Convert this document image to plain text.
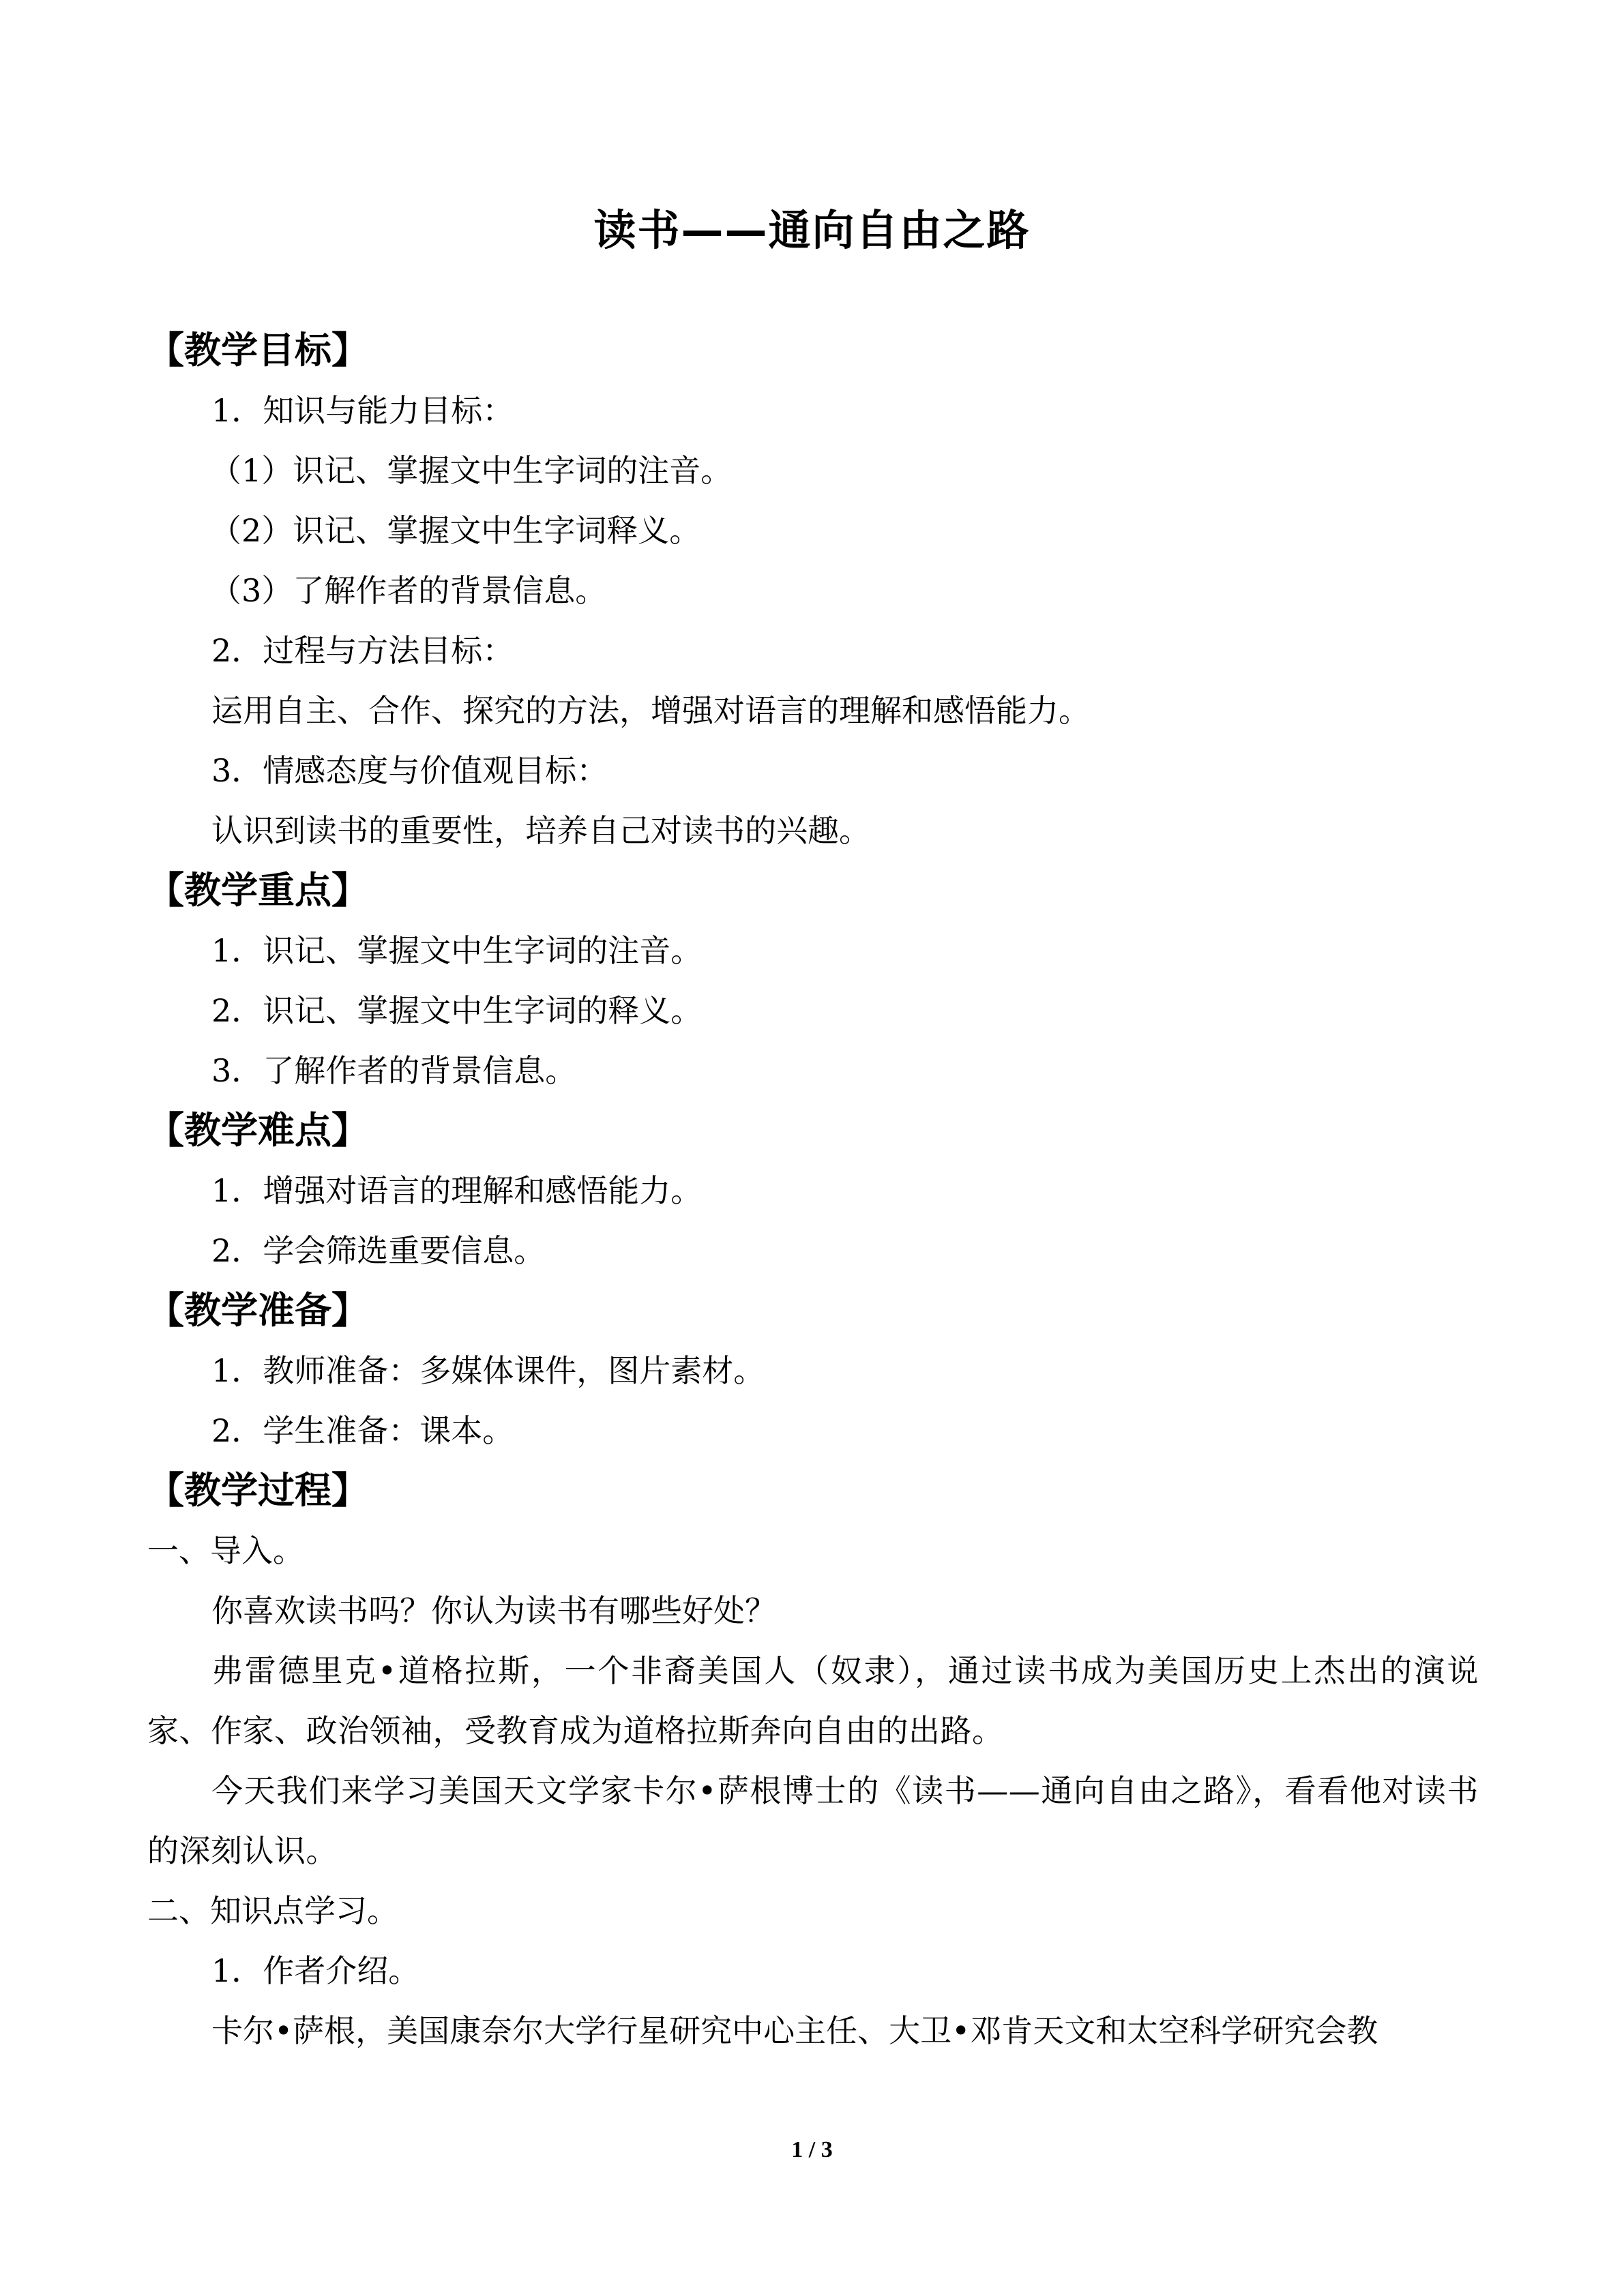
读书——通向自由之路
【教学目标】
1．知识与能力目标：
（1）识记、掌握文中生字词的注音。
（2）识记、掌握文中生字词释义。
（3）了解作者的背景信息。
2．过程与方法目标：
运用自主、合作、探究的方法，增强对语言的理解和感悟能力。
3．情感态度与价值观目标：
认识到读书的重要性，培养自己对读书的兴趣。
【教学重点】
1．识记、掌握文中生字词的注音。
2．识记、掌握文中生字词的释义。
3．了解作者的背景信息。
【教学难点】
1．增强对语言的理解和感悟能力。
2．学会筛选重要信息。
【教学准备】
1．教师准备：多媒体课件，图片素材。
2．学生准备：课本。
【教学过程】
一、导入。
你喜欢读书吗？你认为读书有哪些好处？
弗雷德里克•道格拉斯，一个非裔美国人（奴隶），通过读书成为美国历史上杰出的演说家、作家、政治领袖，受教育成为道格拉斯奔向自由的出路。
今天我们来学习美国天文学家卡尔•萨根博士的《读书——通向自由之路》，看看他对读书的深刻认识。
二、知识点学习。
1．作者介绍。
卡尔•萨根，美国康奈尔大学行星研究中心主任、大卫•邓肯天文和太空科学研究会教
1 / 3
